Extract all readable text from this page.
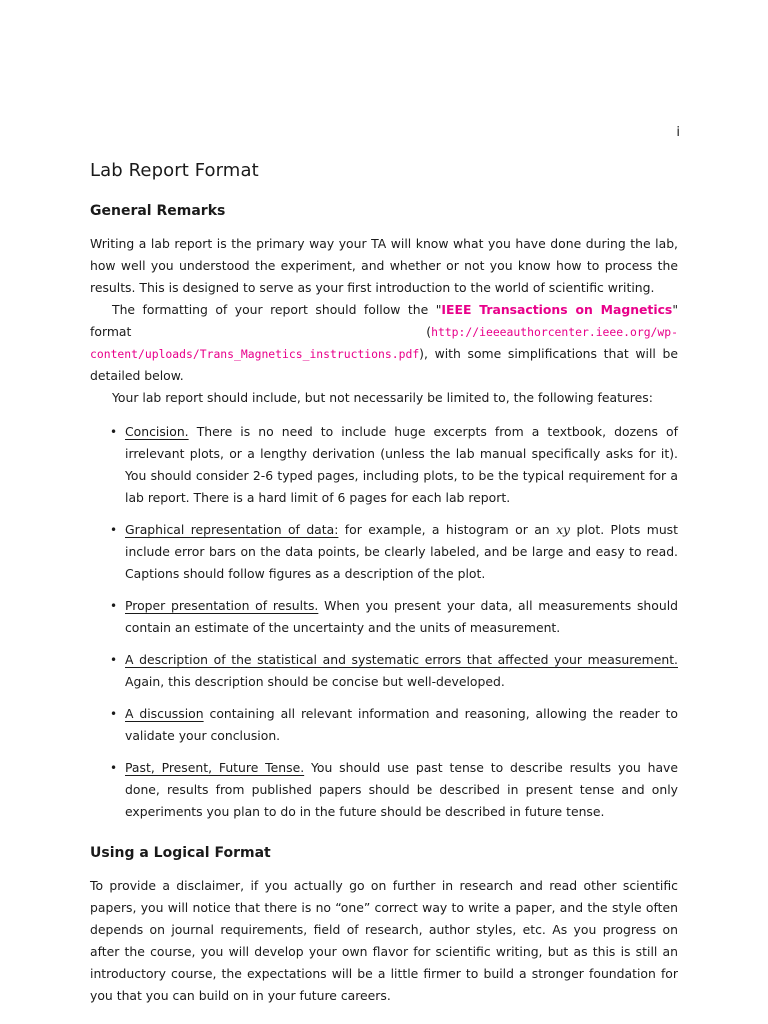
i
Lab Report Format
General Remarks

Writing a lab report is the primary way your TA will know what you have done during the lab, how well you understood the experiment, and whether or not you know how to process the results. This is designed to serve as your first introduction to the world of scientific writing.

The formatting of your report should follow the "IEEE Transactions on Magnetics" format (http://ieeeauthorcenter.ieee.org/wp-content/uploads/Trans_Magnetics_instructions.pdf), with some simplifications that will be detailed below.

Your lab report should include, but not necessarily be limited to, the following features:

• Concision. There is no need to include huge excerpts from a textbook, dozens of irrelevant plots, or a lengthy derivation (unless the lab manual specifically asks for it). You should consider 2-6 typed pages, including plots, to be the typical requirement for a lab report. There is a hard limit of 6 pages for each lab report.
• Graphical representation of data: for example, a histogram or an xy plot. Plots must include error bars on the data points, be clearly labeled, and be large and easy to read. Captions should follow figures as a description of the plot.
• Proper presentation of results. When you present your data, all measurements should contain an estimate of the uncertainty and the units of measurement.
• A description of the statistical and systematic errors that affected your measurement. Again, this description should be concise but well-developed.
• A discussion containing all relevant information and reasoning, allowing the reader to validate your conclusion.
• Past, Present, Future Tense. You should use past tense to describe results you have done, results from published papers should be described in present tense and only experiments you plan to do in the future should be described in future tense.
Using a Logical Format

To provide a disclaimer, if you actually go on further in research and read other scientific papers, you will notice that there is no “one” correct way to write a paper, and the style often depends on journal requirements, field of research, author styles, etc. As you progress on after the course, you will develop your own flavor for scientific writing, but as this is still an introductory course, the expectations will be a little firmer to build a stronger foundation for you that you can build on in your future careers.
